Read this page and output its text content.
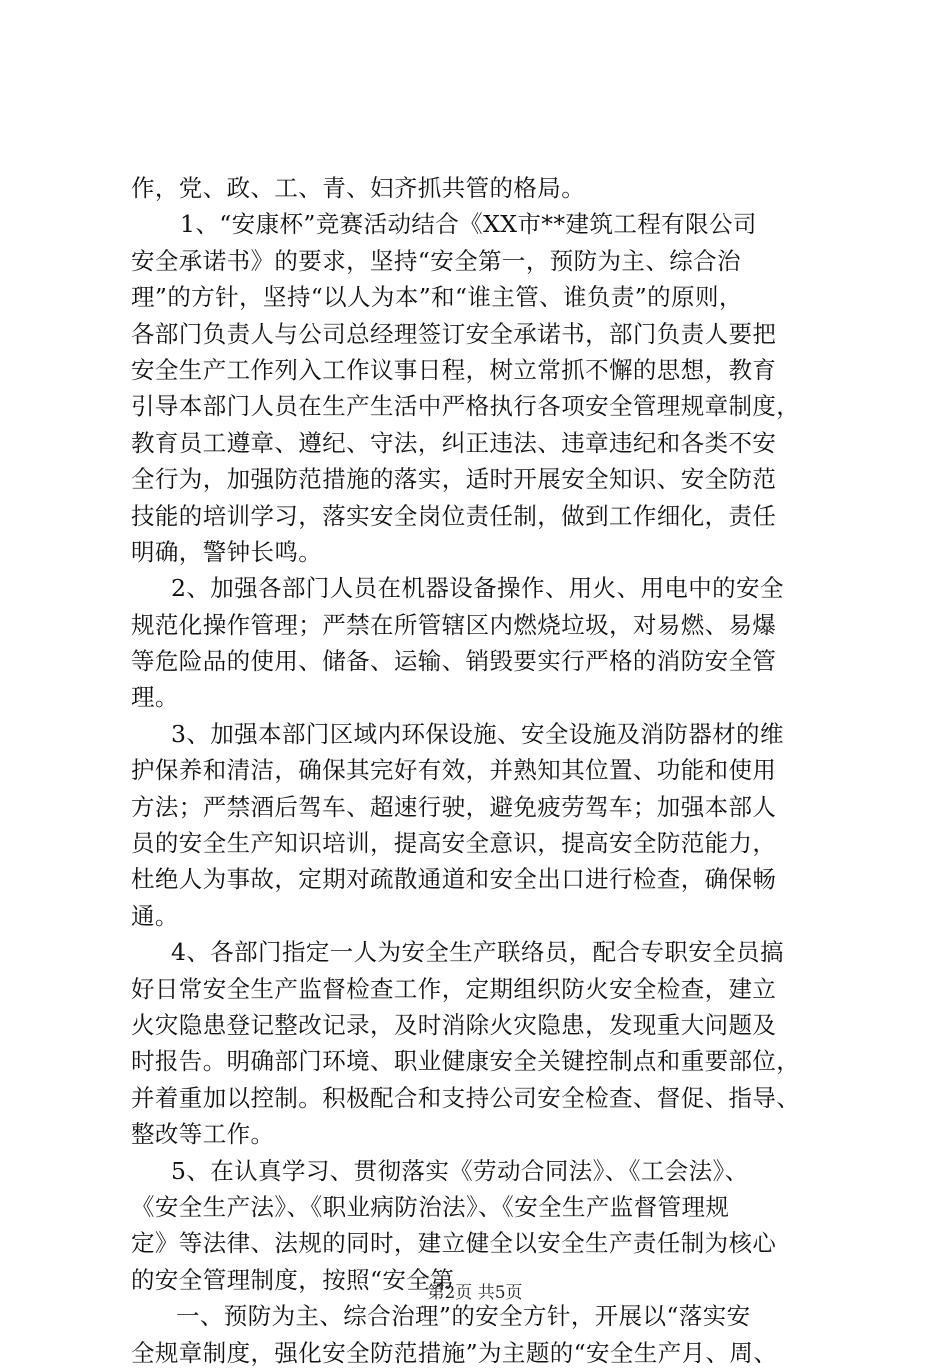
作，党、政、工、青、妇齐抓共管的格局。
1、“安康杯”竞赛活动结合《XX市**建筑工程有限公司
安全承诺书》的要求，坚持“安全第一，预防为主、综合治
理”的方针，坚持“以人为本”和“谁主管、谁负责”的原则，
各部门负责人与公司总经理签订安全承诺书，部门负责人要把
安全生产工作列入工作议事日程，树立常抓不懈的思想，教育
引导本部门人员在生产生活中严格执行各项安全管理规章制度，
教育员工遵章、遵纪、守法，纠正违法、违章违纪和各类不安
全行为，加强防范措施的落实，适时开展安全知识、安全防范
技能的培训学习，落实安全岗位责任制，做到工作细化，责任
明确，警钟长鸣。
2、加强各部门人员在机器设备操作、用火、用电中的安全
规范化操作管理；严禁在所管辖区内燃烧垃圾，对易燃、易爆
等危险品的使用、储备、运输、销毁要实行严格的消防安全管
理。
3、加强本部门区域内环保设施、安全设施及消防器材的维
护保养和清洁，确保其完好有效，并熟知其位置、功能和使用
方法；严禁酒后驾车、超速行驶，避免疲劳驾车；加强本部人
员的安全生产知识培训，提高安全意识，提高安全防范能力，
杜绝人为事故，定期对疏散通道和安全出口进行检查，确保畅
通。
4、各部门指定一人为安全生产联络员，配合专职安全员搞
好日常安全生产监督检查工作，定期组织防火安全检查，建立
火灾隐患登记整改记录，及时消除火灾隐患，发现重大问题及
时报告。明确部门环境、职业健康安全关键控制点和重要部位，
并着重加以控制。积极配合和支持公司安全检查、督促、指导、
整改等工作。
5、在认真学习、贯彻落实《劳动合同法》、《工会法》、
《安全生产法》、《职业病防治法》、《安全生产监督管理规
定》等法律、法规的同时，建立健全以安全生产责任制为核心
的安全管理制度，按照“安全第
一、预防为主、综合治理”的安全方针，开展以“落实安
全规章制度，强化安全防范措施”为主题的“安全生产月、周、
第2页 共5页
